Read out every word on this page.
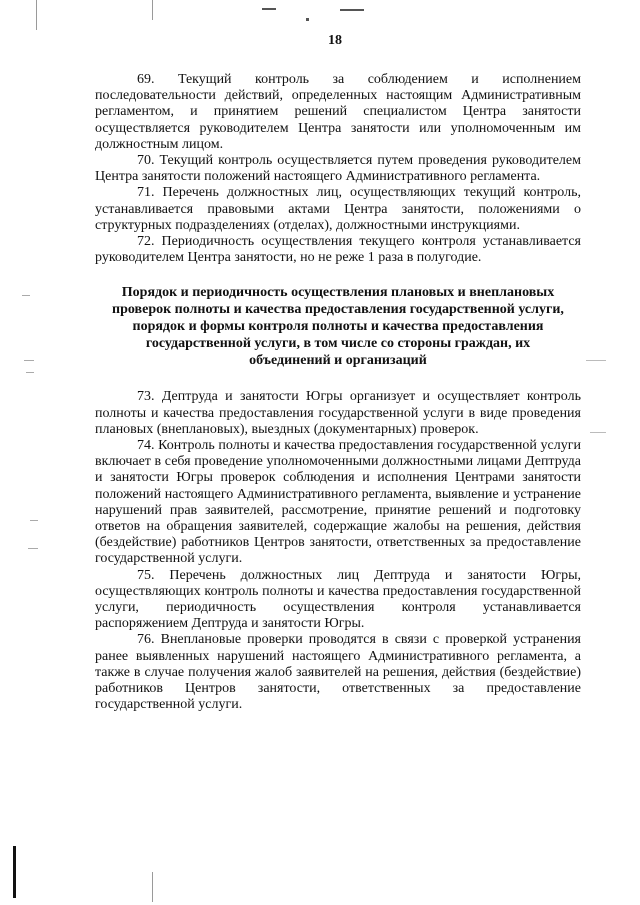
18

69. Текущий контроль за соблюдением и исполнением последовательности действий, определенных настоящим Административным регламентом, и принятием решений специалистом Центра занятости осуществляется руководителем Центра занятости или уполномоченным им должностным лицом.

70. Текущий контроль осуществляется путем проведения руководителем Центра занятости положений настоящего Административного регламента.

71. Перечень должностных лиц, осуществляющих текущий контроль, устанавливается правовыми актами Центра занятости, положениями о структурных подразделениях (отделах), должностными инструкциями.

72. Периодичность осуществления текущего контроля устанавливается руководителем Центра занятости, но не реже 1 раза в полугодие.

Порядок и периодичность осуществления плановых и внеплановых проверок полноты и качества предоставления государственной услуги, порядок и формы контроля полноты и качества предоставления государственной услуги, в том числе со стороны граждан, их объединений и организаций

73. Дептруда и занятости Югры организует и осуществляет контроль полноты и качества предоставления государственной услуги в виде проведения плановых (внеплановых), выездных (документарных) проверок.

74. Контроль полноты и качества предоставления государственной услуги включает в себя проведение уполномоченными должностными лицами Дептруда и занятости Югры проверок соблюдения и исполнения Центрами занятости положений настоящего Административного регламента, выявление и устранение нарушений прав заявителей, рассмотрение, принятие решений и подготовку ответов на обращения заявителей, содержащие жалобы на решения, действия (бездействие) работников Центров занятости, ответственных за предоставление государственной услуги.

75. Перечень должностных лиц Дептруда и занятости Югры, осуществляющих контроль полноты и качества предоставления государственной услуги, периодичность осуществления контроля устанавливается распоряжением Дептруда и занятости Югры.

76. Внеплановые проверки проводятся в связи с проверкой устранения ранее выявленных нарушений настоящего Административного регламента, а также в случае получения жалоб заявителей на решения, действия (бездействие) работников Центров занятости, ответственных за предоставление государственной услуги.
